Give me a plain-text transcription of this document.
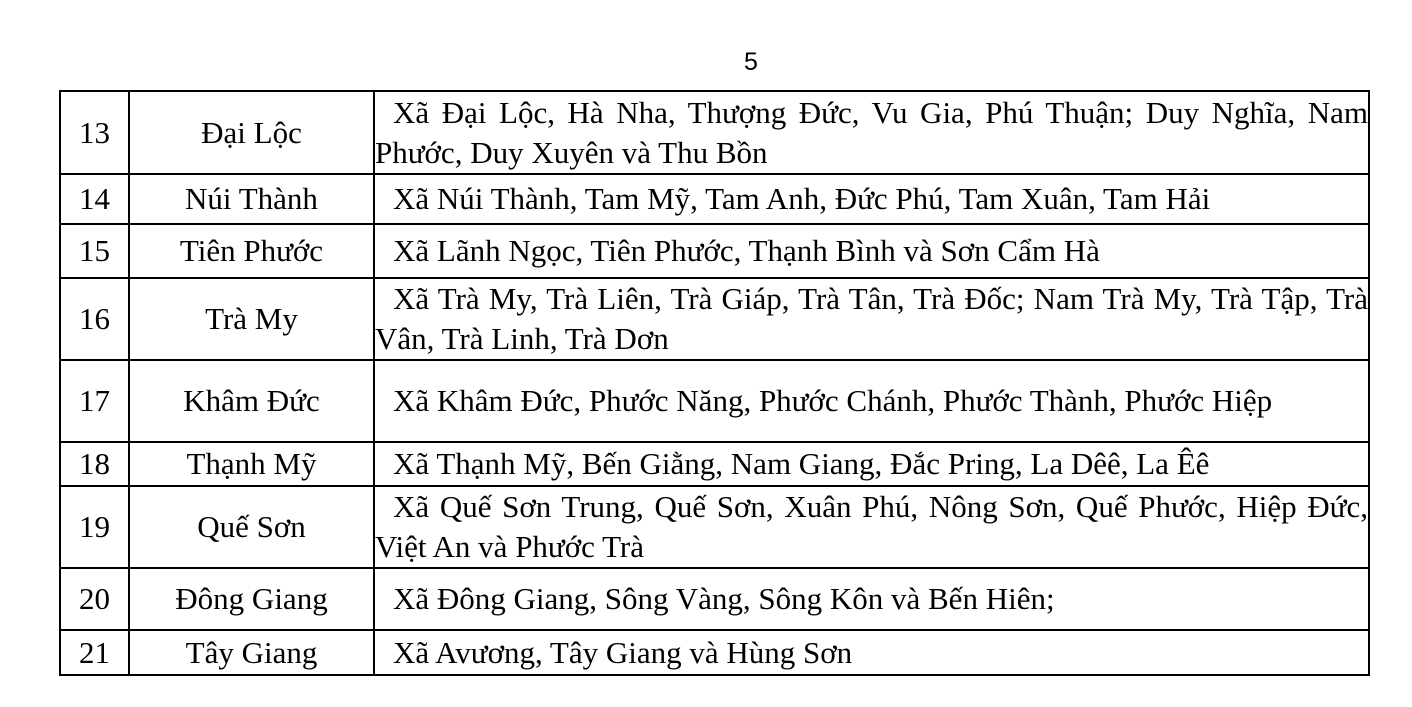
5
13	Đại Lộc	Xã Đại Lộc, Hà Nha, Thượng Đức, Vu Gia, Phú Thuận; Duy Nghĩa, Nam Phước, Duy Xuyên và Thu Bồn

14	Núi Thành	Xã Núi Thành, Tam Mỹ, Tam Anh, Đức Phú, Tam Xuân, Tam Hải

15	Tiên Phước	Xã Lãnh Ngọc, Tiên Phước, Thạnh Bình và Sơn Cẩm Hà

16	Trà My	Xã Trà My, Trà Liên, Trà Giáp, Trà Tân, Trà Đốc; Nam Trà My, Trà Tập, Trà Vân, Trà Linh, Trà Dơn

17	Khâm Đức	Xã Khâm Đức, Phước Năng, Phước Chánh, Phước Thành, Phước Hiệp

18	Thạnh Mỹ	Xã Thạnh Mỹ, Bến Giằng, Nam Giang, Đắc Pring, La Dêê, La Êê

19	Quế Sơn	Xã Quế Sơn Trung, Quế Sơn, Xuân Phú, Nông Sơn, Quế Phước, Hiệp Đức, Việt An và Phước Trà

20	Đông Giang	Xã Đông Giang, Sông Vàng, Sông Kôn và Bến Hiên;

21	Tây Giang	Xã Avương, Tây Giang và Hùng Sơn
